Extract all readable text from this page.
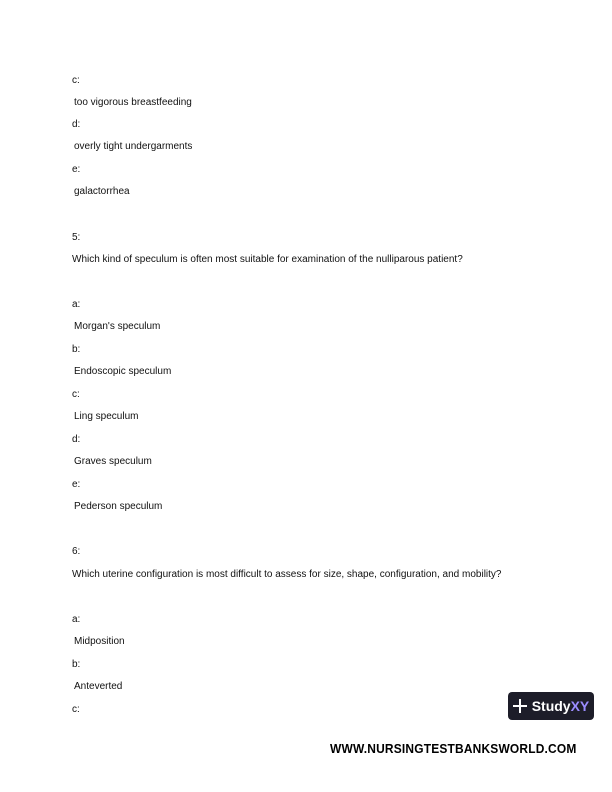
c:
too vigorous breastfeeding
d:
overly tight undergarments
e:
galactorrhea
5:
Which kind of speculum is often most suitable for examination of the nulliparous patient?
a:
Morgan's speculum
b:
Endoscopic speculum
c:
Ling speculum
d:
Graves speculum
e:
Pederson speculum
6:
Which uterine configuration is most difficult to assess for size, shape, configuration, and mobility?
a:
Midposition
b:
Anteverted
c:	StudyXY
WWW.NURSINGTESTBANKSWORLD.COM
